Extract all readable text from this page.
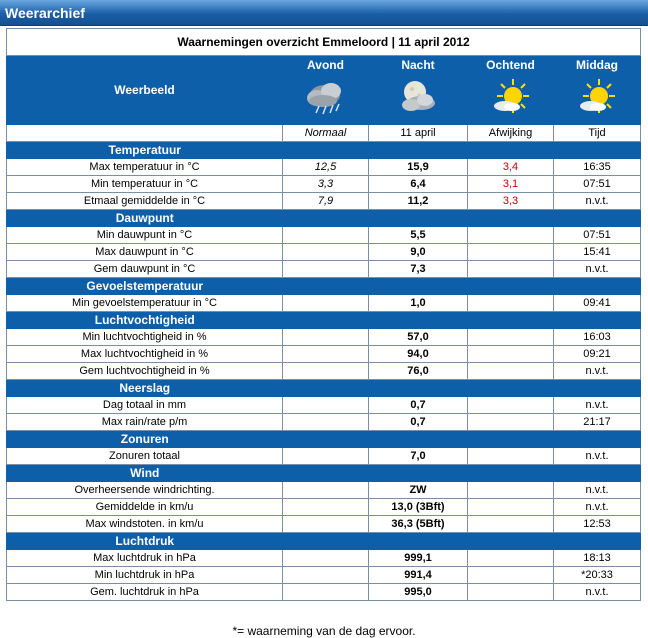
Weerarchief
Waarnemingen overzicht Emmeloord | 11 april 2012				
Weerbeeld	Avond	Nacht	Ochtend	Middag

	Normaal	11 april	Afwijking	Tijd
Temperatuur				
Max temperatuur in °C	12,5	15,9	3,4	16:35
Min temperatuur in °C	3,3	6,4	3,1	07:51
Etmaal gemiddelde in °C	7,9	11,2	3,3	n.v.t.
Dauwpunt				
Min dauwpunt in °C		5,5		07:51
Max dauwpunt in °C		9,0		15:41
Gem dauwpunt in °C		7,3		n.v.t.
Gevoelstemperatuur				
Min gevoelstemperatuur in °C		1,0		09:41
Luchtvochtigheid				
Min luchtvochtigheid in %		57,0		16:03
Max luchtvochtigheid in %		94,0		09:21
Gem luchtvochtigheid in %		76,0		n.v.t.
Neerslag				
Dag totaal in mm		0,7		n.v.t.
Max rain/rate p/m		0,7		21:17
Zonuren				
Zonuren totaal		7,0		n.v.t.
Wind				
Overheersende windrichting.		ZW		n.v.t.
Gemiddelde in km/u		13,0 (3Bft)		n.v.t.
Max windstoten. in km/u		36,3 (5Bft)		12:53
Luchtdruk				
Max luchtdruk in hPa		999,1		18:13
Min luchtdruk in hPa		991,4		*20:33
Gem. luchtdruk in hPa		995,0		n.v.t.
*= waarneming van de dag ervoor.
